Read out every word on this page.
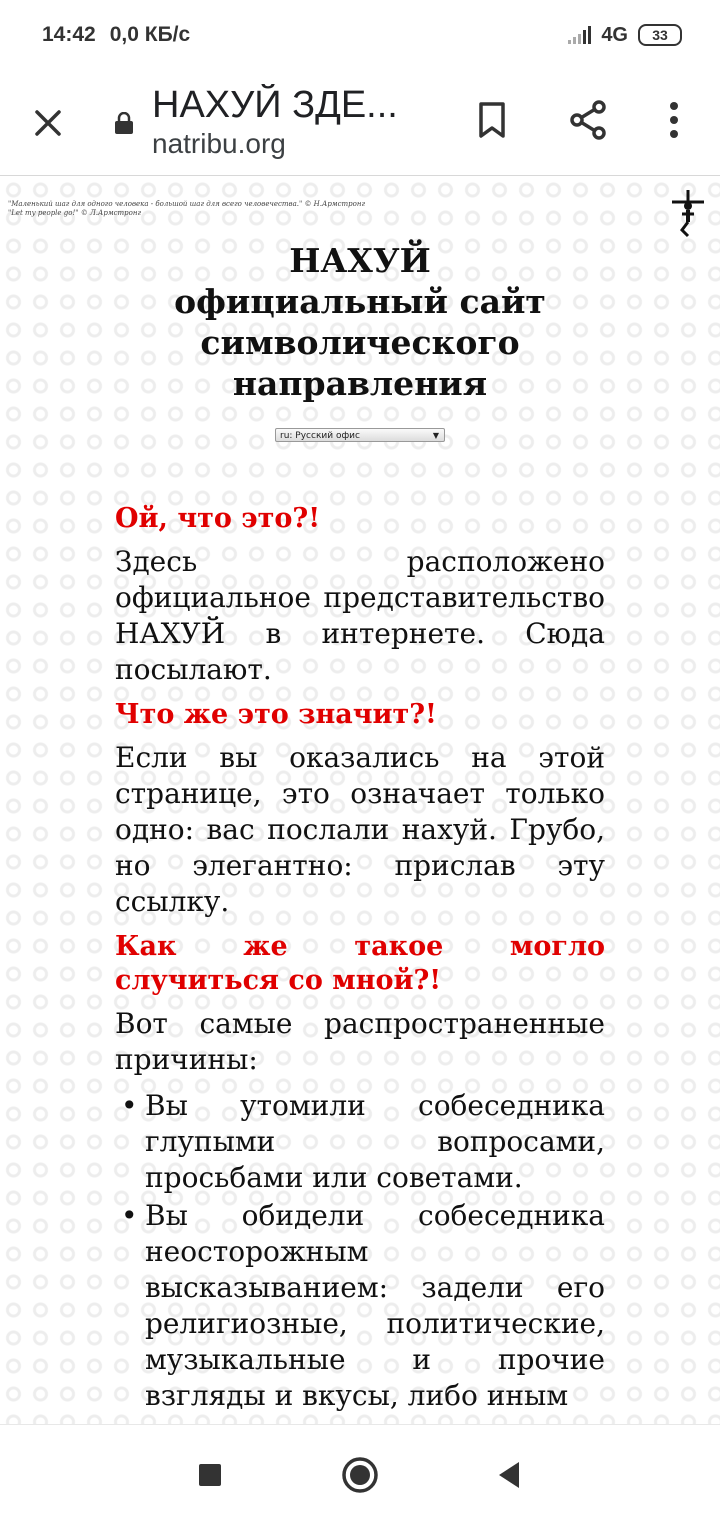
14:42 0,0 КБ/с	4G	33
НАХУЙ ЗДЕ...
natribu.org
"Маленький шаг для одного человека - большой шаг для всего человечества." © Н.Армстронг
"Let my people go!" © Л.Армстронг
НАХУЙ
официальный сайт
символического
направления
ru: Русский офис	▼
Ой, что это?!

Здесь расположено официальное представительство НАХУЙ в интернете. Сюда посылают.

Что же это значит?!

Если вы оказались на этой странице, это означает только одно: вас послали нахуй. Грубо, но элегантно: прислав эту ссылку.

Как же такое могло случиться со мной?!

Вот самые распространенные причины:

• Вы утомили собеседника глупыми вопросами, просьбами или советами.
• Вы обидели собеседника неосторожным высказыванием: задели его религиозные, политические, музыкальные и прочие взгляды и вкусы, либо иным
